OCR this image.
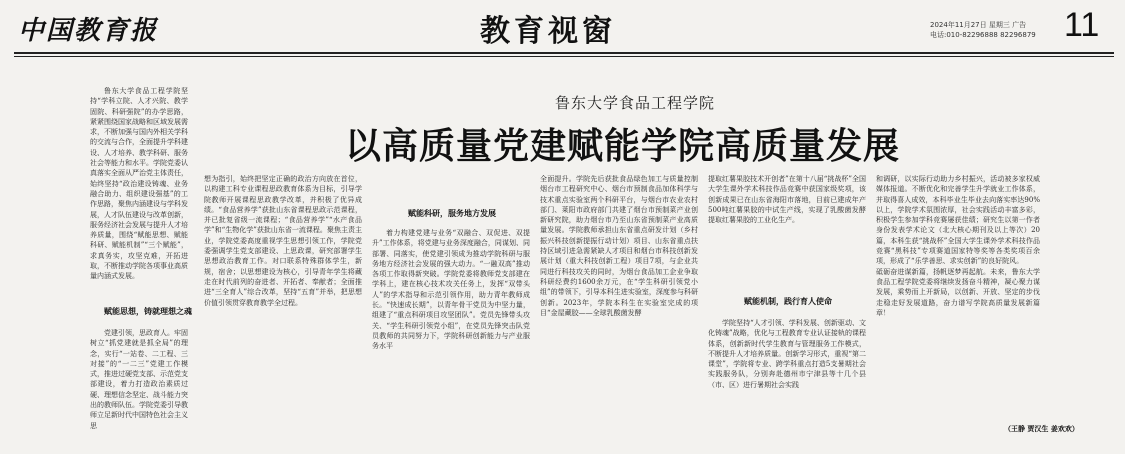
中国教育报	教育视窗	2024年11月27日 星期三 广告
电话:010-82296888 82296879 11
鲁东大学食品工程学院坚持“学科立院、人才兴院、教学固院、科研强院”的办学思路，紧紧围绕国家战略和区域发展需求，不断加强与国内外相关学科的交流与合作，全面提升学科建设、人才培养、教学科研、服务社会等能力和水平。学院党委认真落实全面从严治党主体责任，始终坚持“政治建设铸魂、业务融合助力、组织建设强基”的工作思路，聚焦内涵建设与学科发展，人才队伍建设与改革创新，服务经济社会发展与提升人才培养质量，围绕“赋能思想、赋能科研、赋能机制”“三个赋能”，求真务实，攻坚克难，开拓进取，不断推动学院各项事业高质量内涵式发展。
赋能思想，铸就理想之魂
党建引领，思政育人。牢固树立“抓党建就是抓全局”的理念，实行“一站卷、二工程、三对接”的“一二三”党建工作模式，推进过硬党支部、示范党支部建设，着力打造政治素质过硬、理想信念坚定、战斗能力突出的教师队伍。学院党委引导教师立足新时代中国特色社会主义思
鲁东大学食品工程学院
以高质量党建赋能学院高质量发展
想为指引，始终把坚定正确的政治方向放在首位，以构建工科专业课程思政教育体系为目标，引导学院教师开展课程思政教学改革，并积极了优异成绩。“食品营养学”获批山东省课程思政示范课程，并已批复省级一流课程；“食品营养学”“水产食品学”和“生物化学”获批山东省一流课程。聚焦主责主业，学院党委高度重视学生思想引领工作，学院党委强调学生党支部建设、上思政课，研究部署学生思想政治教育工作。对口联系特殊群体学生，新规，宿舍；以思想建设为核心，引导青年学生将藏走在时代前列的奋进者、开拓者、奉献者；全面推进“三全育人”综合改革，坚持“五育”并举，把思想价值引领贯穿教育教学全过程。
赋能科研，服务地方发展
着力构建党建与业务“双融合、双促进、双提升”工作体系，将党建与业务深度融合，同谋划、同部署、同落实，使党建引领成为推动学院科研与服务地方经济社会发展的强大动力。“一融双高”推动各项工作取得新突破。学院党委将教师党支部建在学科上，建在核心技术攻关任务上，发挥“双带头人”的学术指导和示范引领作用，助力青年教师成长。“快速成长期”，以青年骨干党员为中坚力量，组建了“重点科研项目攻坚团队”。党员先锋带头攻关、“学生科研引领党小组”，在党员先锋突击队党员教师的共同努力下，学院科研创新能力与产业服务水平
全面提升。学院先后获批食品绿色加工与质量控制烟台市工程研究中心、烟台市预制食品加体科学与技术重点实验室两个科研平台，与烟台市农业农村部门、莱阳市政府部门共建了烟台市预制菜产业创新研究院，助力烟台市乃至山东省预制菜产业高质量发展。学院教师承担山东省重点研发计划（乡村振兴科技创新提振行动计划）项目、山东省重点扶持区域引进急需紧缺人才项目和烟台市科技创新发展计划（重大科技创新工程）项目7项，与企业共同进行科技攻关的同时，为烟台食品加工企业争取科研经费约1600余万元，在“学生科研引领党小组”的带领下，引导本科生进实验室，深度参与科研创新。2023年，学院本科生在实验室完成的项目“金屋藏胶——全球乳酸菌发酵
提取红薯果胶技术开创者”在第十八届“挑战杯”全国大学生课外学术科技作品竞赛中获国家级奖项，该创新成果已在山东省海阳市落地，目前已建成年产500吨红薯果胶的中试生产线，实现了乳酸菌发酵提取红薯果胶的工业化生产。
赋能机制，践行育人使命
学院坚持“人才引领、学科发展、创新驱动、文化铸魂”战略，优化与工程教育专业认证接轨的课程体系，创新新时代学生教育与管理服务工作模式，不断提升人才培养质量。创新学习形式，重视“第二课堂”，学院将专业、跨学科重点打造5支暑期社会实践服务队，分别奔赴德州市宁津县等十几个县（市、区）进行暑期社会实践
和调研，以实际行动助力乡村振兴，活动被多家权威媒体报道。不断优化和完善学生升学就业工作体系，并取得喜人成效，本科毕业生毕业去向落实率达90%以上，学院学术氛围浓厚，社会实践活动丰富多彩，积极学生参加学科竞赛屡获佳绩；研究生以第一作者身份发表学术论文（北大核心期刊及以上等次）20篇，本科生获“挑战杯”全国大学生课外学术科技作品竞赛“黑科技”专项赛道国家特等奖等各类奖项百余项，形成了“乐学善思、求实创新”的良好院风。
砥砺奋进谋新篇，扬帆逐梦再起航。未来，鲁东大学食品工程学院党委将继续发扬奋斗精神，凝心聚力谋发展，乘势而上开新局，以创新、开放、坚定的步伐走稳走好发展道路，奋力谱写学院高质量发展新篇章！
（王静 贾汉生 姜欢欢）
